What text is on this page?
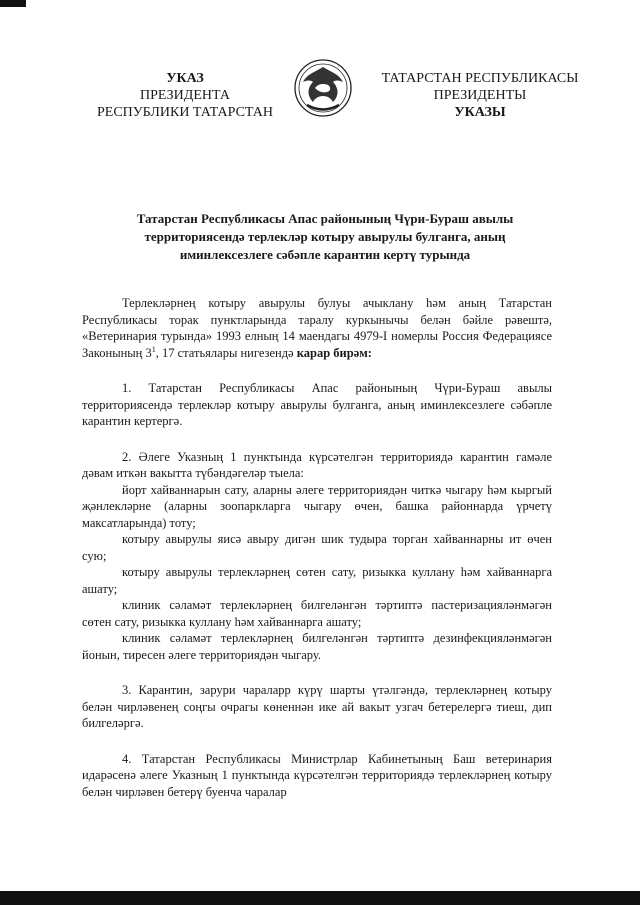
УКАЗ
ПРЕЗИДЕНТА
РЕСПУБЛИКИ ТАТАРСТАН
ТАТАРСТАН РЕСПУБЛИКАСЫ
ПРЕЗИДЕНТЫ
УКАЗЫ
Татарстан Республикасы Апас районының Чүри-Бураш авылы
территориясендә терлекләр котыру авырулы булганга, аның
иминлексезлеге сәбәпле карантин кертү турында

Терлекләрнең котыру авырулы булуы ачыклану һәм аның Татарстан Республикасы торак пунктларында таралу куркынычы белән бәйле рәвештә, «Ветеринария турында» 1993 елның 14 маендагы 4979-I номерлы Россия Федерациясе Законының $3^1$, 17 статьялары нигезендә карар бирәм:

1. Татарстан Республикасы Апас районының Чүри-Бураш авылы территориясендә терлекләр котыру авырулы булганга, аның иминлексезлеге сәбәпле карантин кертергә.

2. Әлеге Указның 1 пунктында күрсәтелгән территориядә карантин гамәле дәвам иткән вакытта түбәндәгеләр тыела:

йорт хайваннарын сату, аларны әлеге территориядән читкә чыгару һәм кыргый җәнлекләрне (аларны зоопаркларга чыгару өчен, башка районнарда үрчетү максатларында) тоту;

котыру авырулы яисә авыру дигән шик тудыра торган хайваннарны ит өчен сую;

котыру авырулы терлекләрнең сөтен сату, ризыкка куллану һәм хайваннарга ашату;

клиник сәламәт терлекләрнең билгеләнгән тәртиптә пастеризацияләнмәгән сөтен сату, ризыкка куллану һәм хайваннарга ашату;

клиник сәламәт терлекләрнең билгеләнгән тәртиптә дезинфекцияләнмәгән йонын, тиресен әлеге территориядән чыгару.

3. Карантин, зарури чараларр күрү шарты үтәлгәндә, терлекләрнең котыру белән чирләвенең соңгы очрагы көненнән ике ай вакыт узгач бетерелергә тиеш, дип билгеләргә.

4. Татарстан Республикасы Министрлар Кабинетының Баш ветеринария идарәсенә әлеге Указның 1 пунктында күрсәтелгән территориядә терлекләрнең котыру белән чирләвен бетерү буенча чаралар
